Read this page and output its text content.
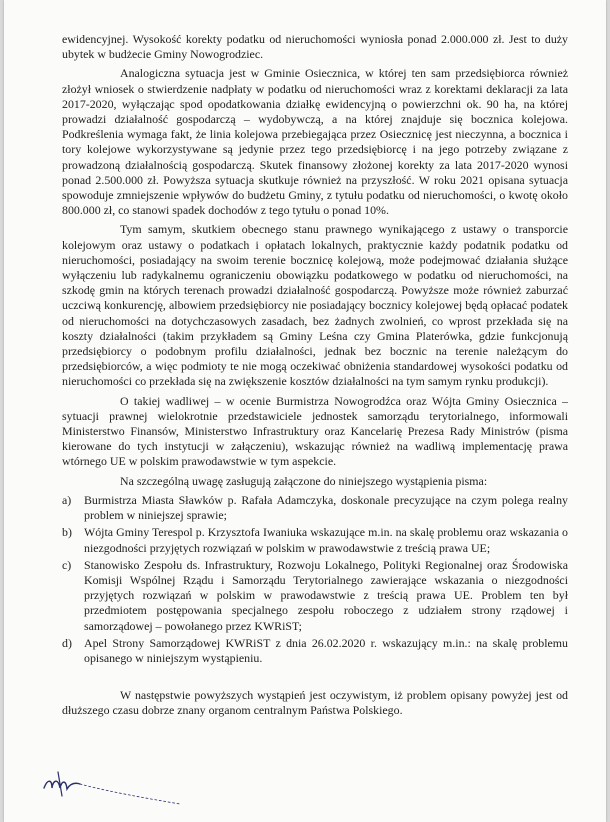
ewidencyjnej. Wysokość korekty podatku od nieruchomości wyniosła ponad 2.000.000 zł. Jest to duży ubytek w budżecie Gminy Nowogrodziec.

Analogiczna sytuacja jest w Gminie Osiecznica, w której ten sam przedsiębiorca również złożył wniosek o stwierdzenie nadpłaty w podatku od nieruchomości wraz z korektami deklaracji za lata 2017-2020, wyłączając spod opodatkowania działkę ewidencyjną o powierzchni ok. 90 ha, na której prowadzi działalność gospodarczą – wydobywczą, a na której znajduje się bocznica kolejowa. Podkreślenia wymaga fakt, że linia kolejowa przebiegająca przez Osiecznicę jest nieczynna, a bocznica i tory kolejowe wykorzystywane są jedynie przez tego przedsiębiorcę i na jego potrzeby związane z prowadzoną działalnością gospodarczą. Skutek finansowy złożonej korekty za lata 2017-2020 wynosi ponad 2.500.000 zł. Powyższa sytuacja skutkuje również na przyszłość. W roku 2021 opisana sytuacja spowoduje zmniejszenie wpływów do budżetu Gminy, z tytułu podatku od nieruchomości, o kwotę około 800.000 zł, co stanowi spadek dochodów z tego tytułu o ponad 10%.

Tym samym, skutkiem obecnego stanu prawnego wynikającego z ustawy o transporcie kolejowym oraz ustawy o podatkach i opłatach lokalnych, praktycznie każdy podatnik podatku od nieruchomości, posiadający na swoim terenie bocznicę kolejową, może podejmować działania służące wyłączeniu lub radykalnemu ograniczeniu obowiązku podatkowego w podatku od nieruchomości, na szkodę gmin na których terenach prowadzi działalność gospodarczą. Powyższe może również zaburzać uczciwą konkurencję, albowiem przedsiębiorcy nie posiadający bocznicy kolejowej będą opłacać podatek od nieruchomości na dotychczasowych zasadach, bez żadnych zwolnień, co wprost przekłada się na koszty działalności (takim przykładem są Gminy Leśna czy Gmina Platerówka, gdzie funkcjonują przedsiębiorcy o podobnym profilu działalności, jednak bez bocznic na terenie należącym do przedsiębiorców, a więc podmioty te nie mogą oczekiwać obniżenia standardowej wysokości podatku od nieruchomości co przekłada się na zwiększenie kosztów działalności na tym samym rynku produkcji).

O takiej wadliwej – w ocenie Burmistrza Nowogrodźca oraz Wójta Gminy Osiecznica – sytuacji prawnej wielokrotnie przedstawiciele jednostek samorządu terytorialnego, informowali Ministerstwo Finansów, Ministerstwo Infrastruktury oraz Kancelarię Prezesa Rady Ministrów (pisma kierowane do tych instytucji w załączeniu), wskazując również na wadliwą implementację prawa wtórnego UE w polskim prawodawstwie w tym aspekcie.

Na szczególną uwagę zasługują załączone do niniejszego wystąpienia pisma:

a) Burmistrza Miasta Sławków p. Rafała Adamczyka, doskonale precyzujące na czym polega realny problem w niniejszej sprawie;
b) Wójta Gminy Terespol p. Krzysztofa Iwaniuka wskazujące m.in. na skalę problemu oraz wskazania o niezgodności przyjętych rozwiązań w polskim w prawodawstwie z treścią prawa UE;
c) Stanowisko Zespołu ds. Infrastruktury, Rozwoju Lokalnego, Polityki Regionalnej oraz Środowiska Komisji Wspólnej Rządu i Samorządu Terytorialnego zawierające wskazania o niezgodności przyjętych rozwiązań w polskim w prawodawstwie z treścią prawa UE. Problem ten był przedmiotem postępowania specjalnego zespołu roboczego z udziałem strony rządowej i samorządowej – powołanego przez KWRiST;
d) Apel Strony Samorządowej KWRiST z dnia 26.02.2020 r. wskazujący m.in.: na skalę problemu opisanego w niniejszym wystąpieniu.

W następstwie powyższych wystąpień jest oczywistym, iż problem opisany powyżej jest od dłuższego czasu dobrze znany organom centralnym Państwa Polskiego.
